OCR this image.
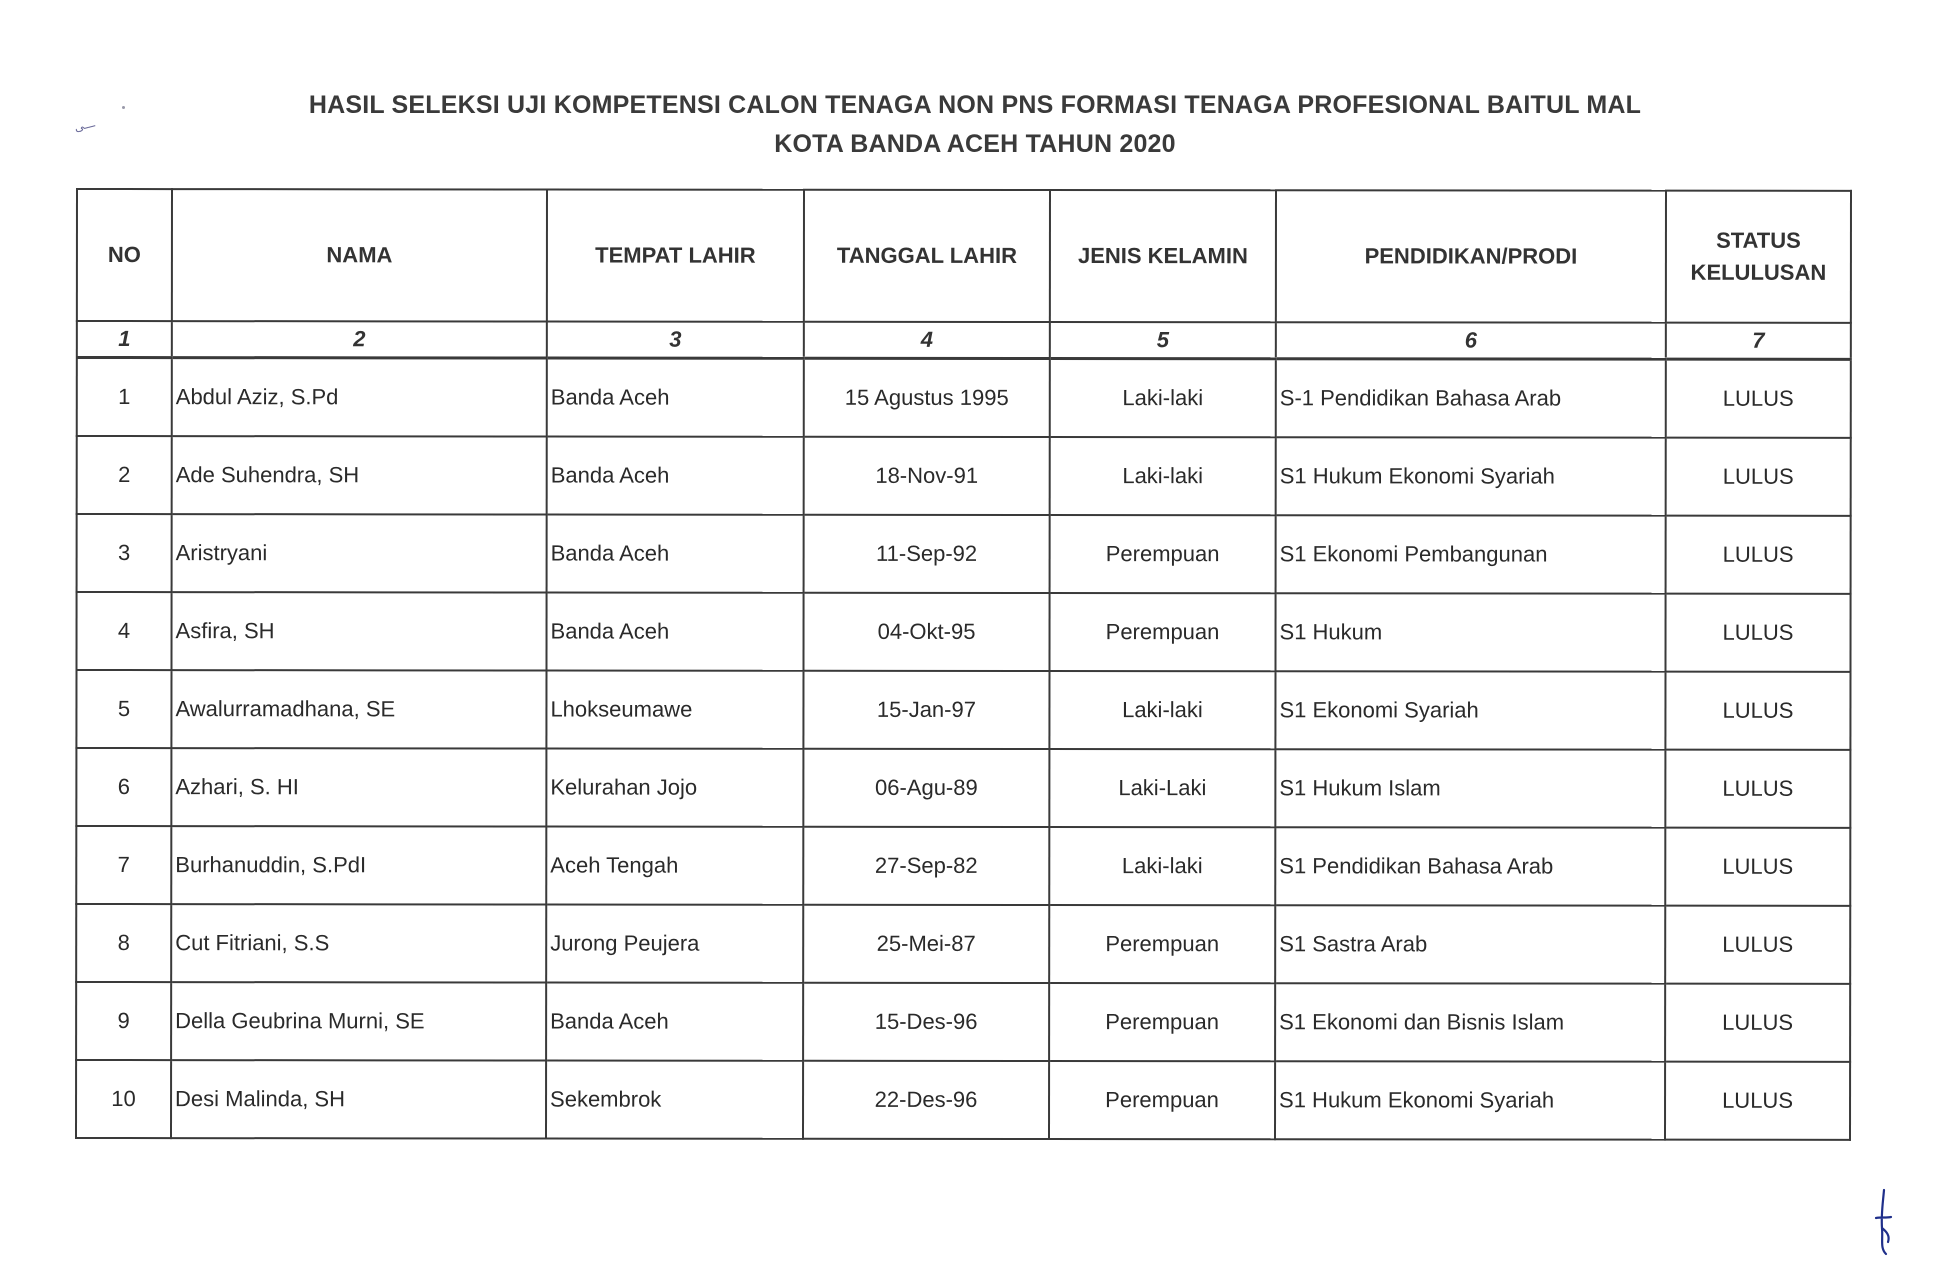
ـــى
HASIL SELEKSI UJI KOMPETENSI CALON TENAGA NON PNS FORMASI TENAGA PROFESIONAL BAITUL MAL
KOTA BANDA ACEH TAHUN 2020
NO	NAMA	TEMPAT LAHIR	TANGGAL LAHIR	JENIS KELAMIN	PENDIDIKAN/PRODI	STATUS KELULUSAN
1	2	3	4	5	6	7
1	Abdul Aziz, S.Pd	Banda Aceh	15 Agustus 1995	Laki-laki	S-1 Pendidikan Bahasa Arab	LULUS
2	Ade Suhendra, SH	Banda Aceh	18-Nov-91	Laki-laki	S1 Hukum Ekonomi Syariah	LULUS
3	Aristryani	Banda Aceh	11-Sep-92	Perempuan	S1 Ekonomi Pembangunan	LULUS
4	Asfira, SH	Banda Aceh	04-Okt-95	Perempuan	S1 Hukum	LULUS
5	Awalurramadhana, SE	Lhokseumawe	15-Jan-97	Laki-laki	S1 Ekonomi Syariah	LULUS
6	Azhari, S. HI	Kelurahan Jojo	06-Agu-89	Laki-Laki	S1 Hukum Islam	LULUS
7	Burhanuddin, S.PdI	Aceh Tengah	27-Sep-82	Laki-laki	S1 Pendidikan Bahasa Arab	LULUS
8	Cut Fitriani, S.S	Jurong Peujera	25-Mei-87	Perempuan	S1 Sastra Arab	LULUS
9	Della Geubrina Murni, SE	Banda Aceh	15-Des-96	Perempuan	S1 Ekonomi dan Bisnis Islam	LULUS
10	Desi Malinda, SH	Sekembrok	22-Des-96	Perempuan	S1 Hukum Ekonomi Syariah	LULUS
